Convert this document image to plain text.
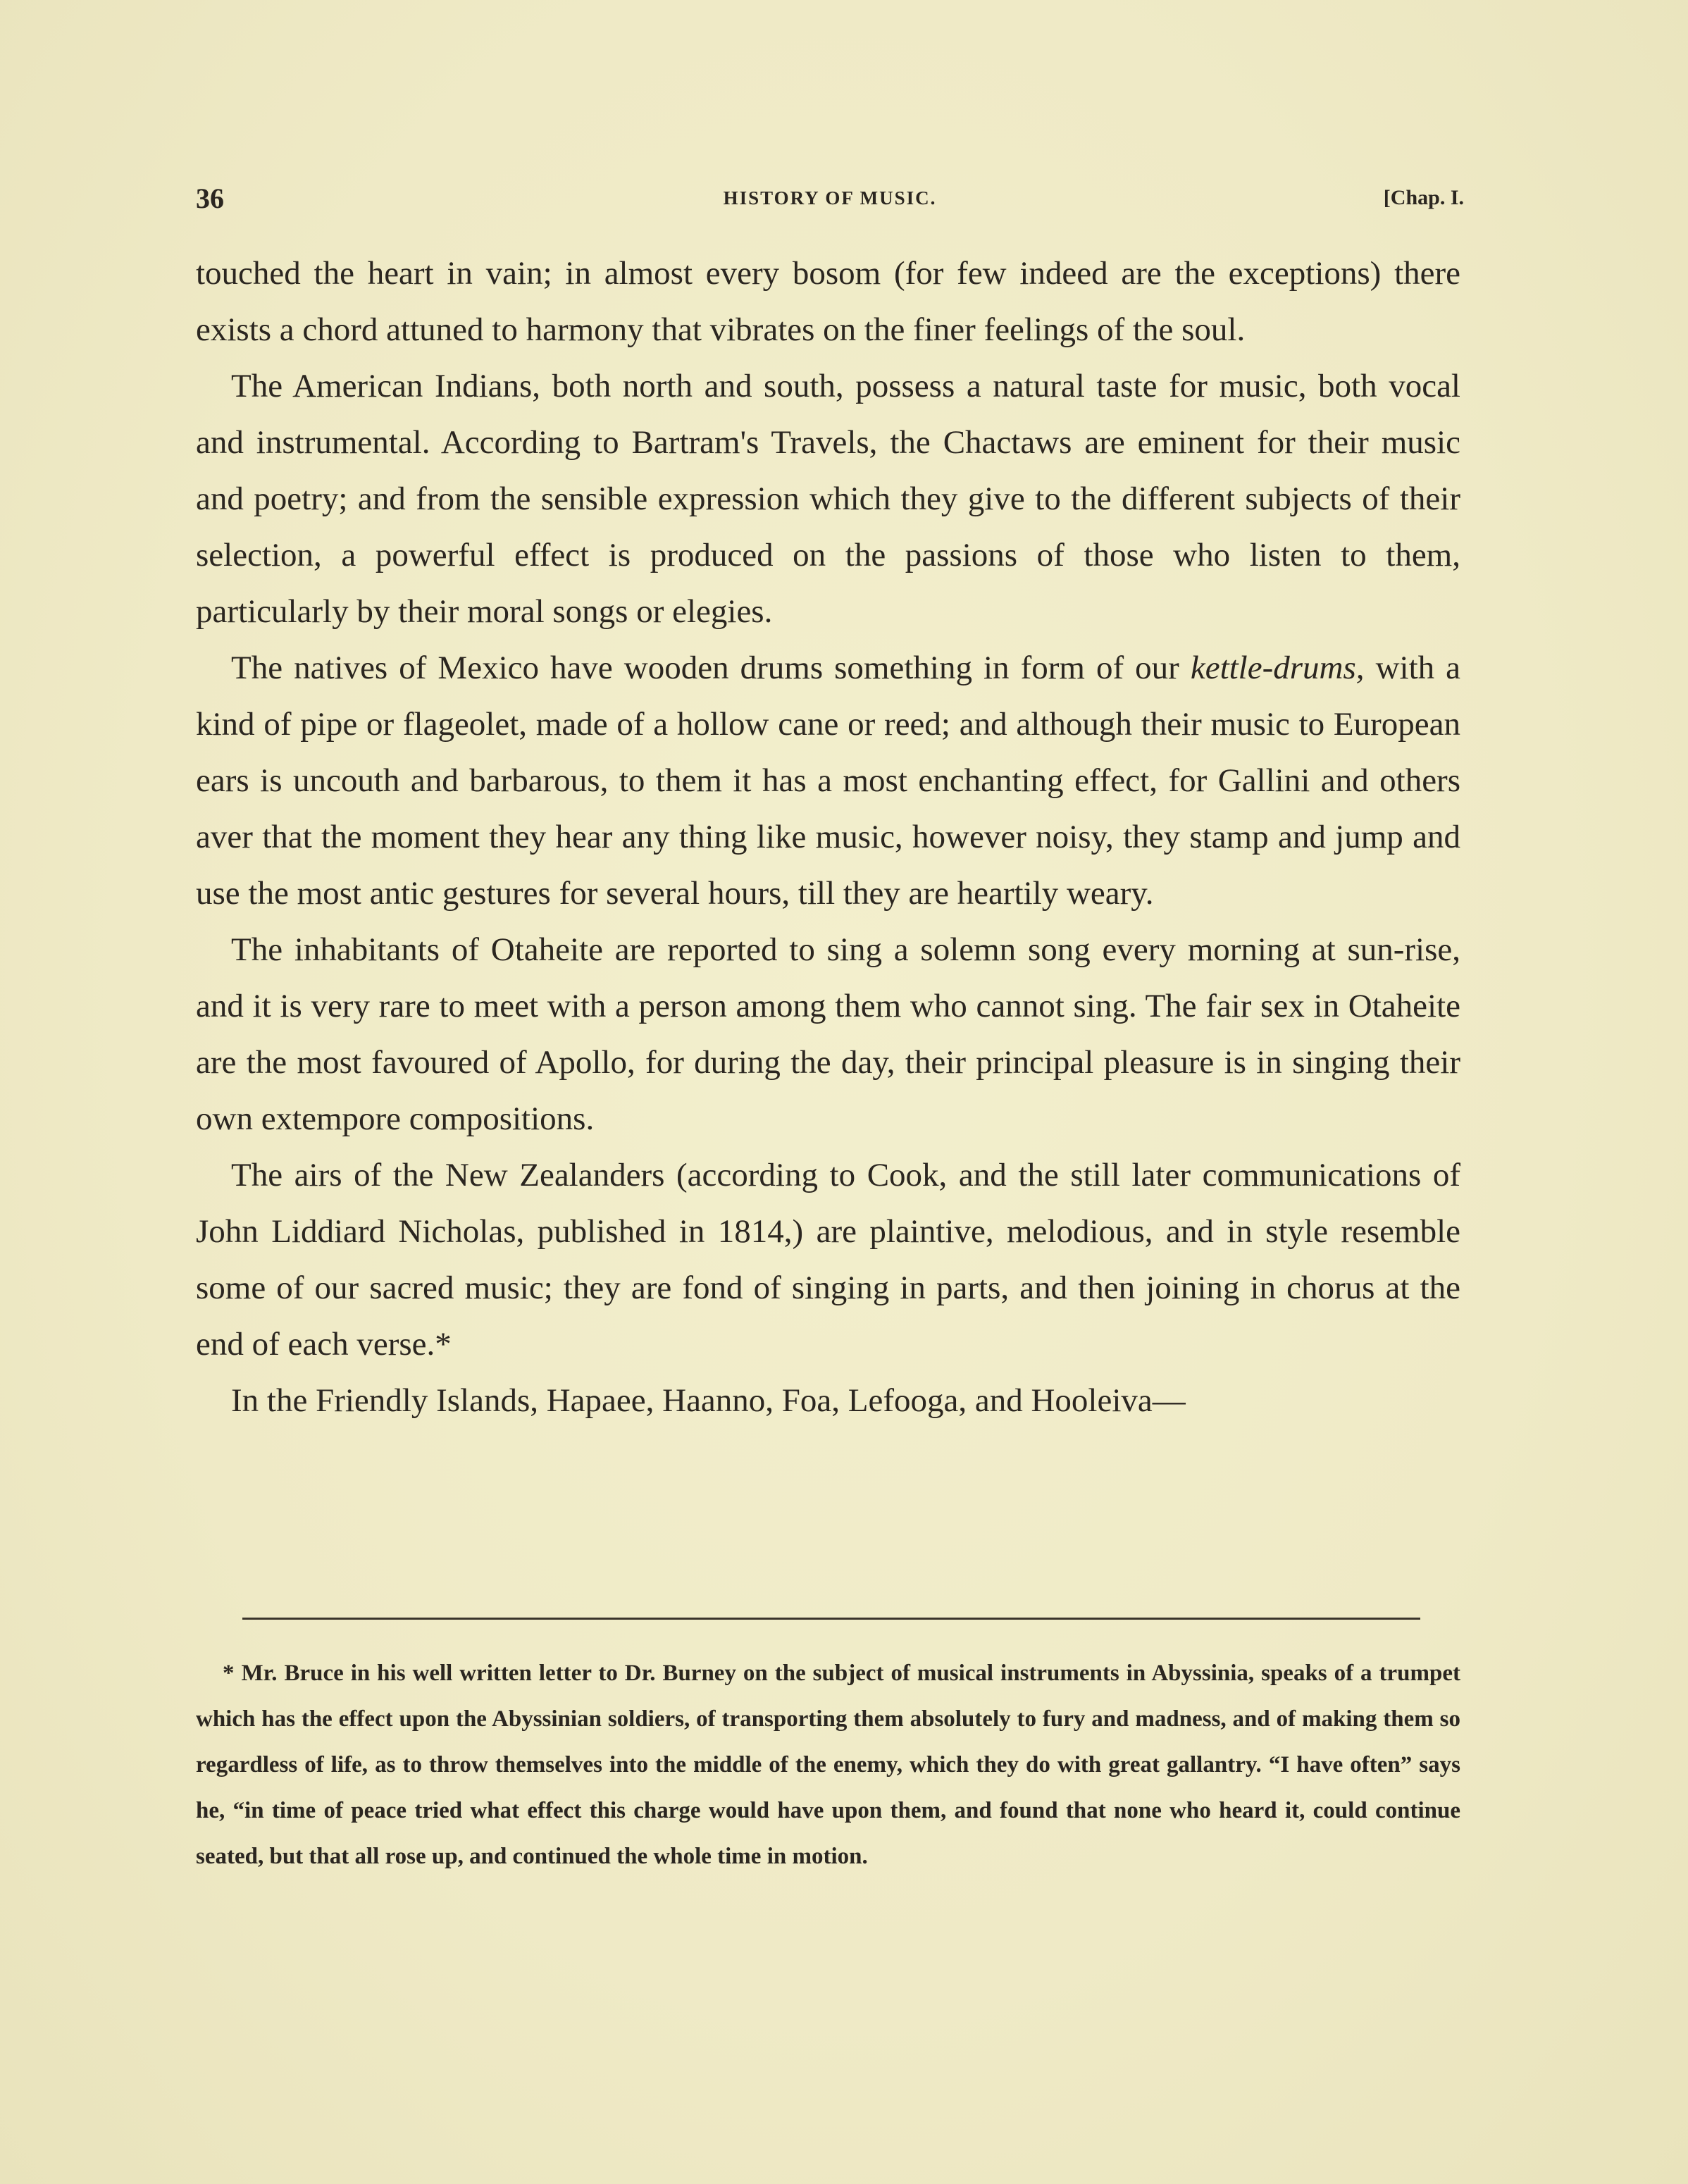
36	HISTORY OF MUSIC.	[Chap. I.

touched the heart in vain; in almost every bosom (for few indeed are the exceptions) there exists a chord attuned to harmony that vibrates on the finer feelings of the soul.

The American Indians, both north and south, possess a natural taste for music, both vocal and instrumental. According to Bartram's Travels, the Chactaws are eminent for their music and poetry; and from the sensible expression which they give to the different subjects of their selection, a powerful effect is produced on the passions of those who listen to them, particularly by their moral songs or elegies.

The natives of Mexico have wooden drums something in form of our kettle-drums, with a kind of pipe or flageolet, made of a hollow cane or reed; and although their music to European ears is uncouth and barbarous, to them it has a most enchanting effect, for Gallini and others aver that the moment they hear any thing like music, however noisy, they stamp and jump and use the most antic gestures for several hours, till they are heartily weary.

The inhabitants of Otaheite are reported to sing a solemn song every morning at sun-rise, and it is very rare to meet with a person among them who cannot sing. The fair sex in Otaheite are the most favoured of Apollo, for during the day, their principal pleasure is in singing their own extempore compositions.

The airs of the New Zealanders (according to Cook, and the still later communications of John Liddiard Nicholas, published in 1814,) are plaintive, melodious, and in style resemble some of our sacred music; they are fond of singing in parts, and then joining in chorus at the end of each verse.*

In the Friendly Islands, Hapaee, Haanno, Foa, Lefooga, and Hooleiva—

* Mr. Bruce in his well written letter to Dr. Burney on the subject of musical instruments in Abyssinia, speaks of a trumpet which has the effect upon the Abyssinian soldiers, of transporting them absolutely to fury and madness, and of making them so regardless of life, as to throw themselves into the middle of the enemy, which they do with great gallantry. “I have often” says he, “in time of peace tried what effect this charge would have upon them, and found that none who heard it, could continue seated, but that all rose up, and continued the whole time in motion.
